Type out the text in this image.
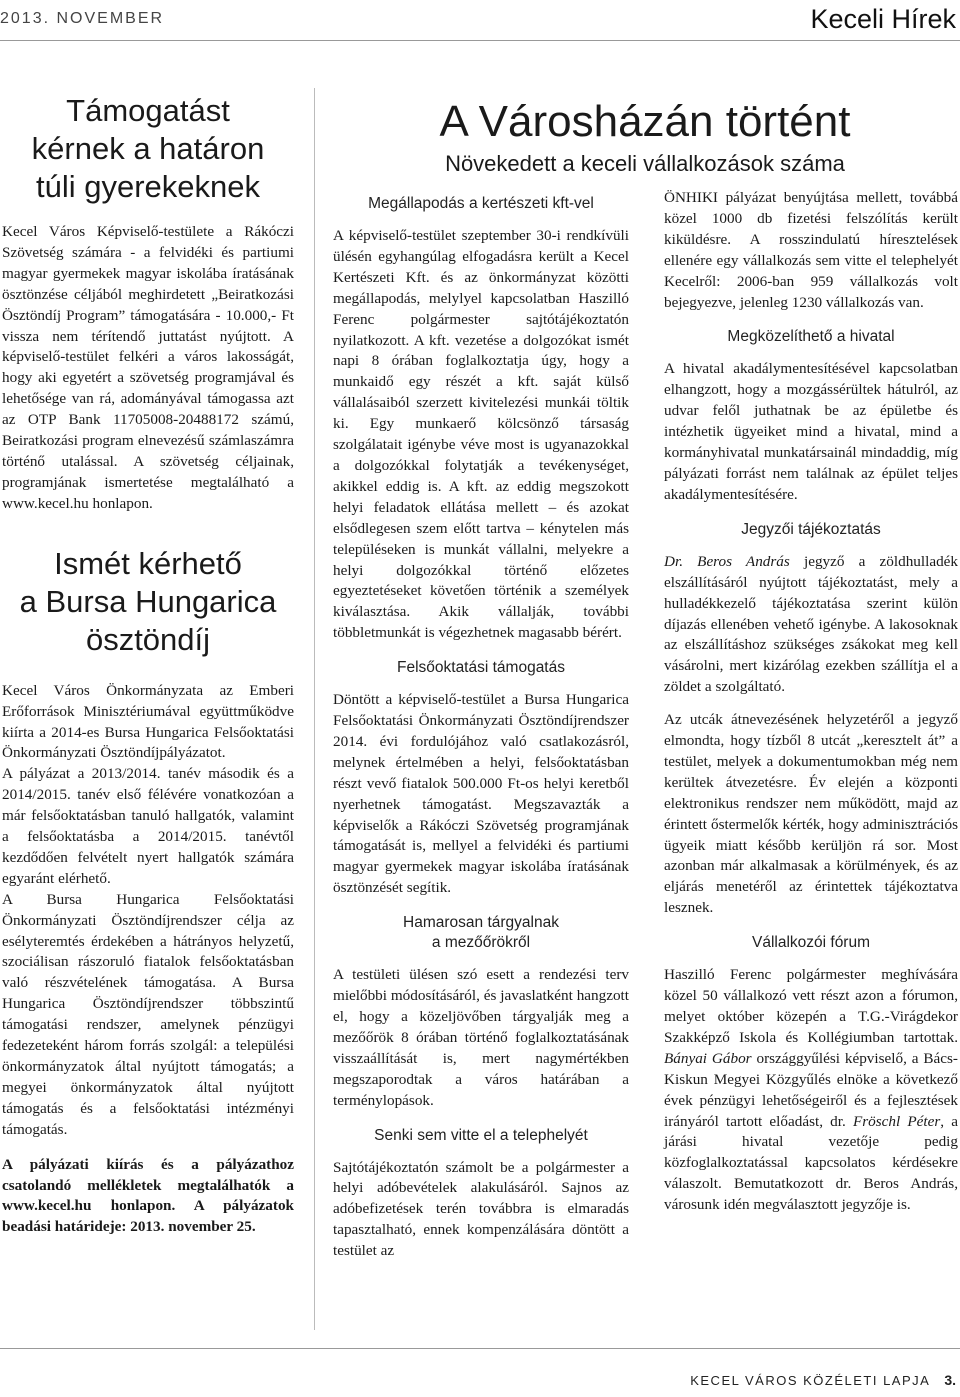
2013. NOVEMBER	Keceli Hírek
Támogatást
kérnek a határon
túli gyerekeknek

Kecel Város Képviselő-testülete a Rákóczi Szövetség számára - a felvidéki és partiumi magyar gyermekek magyar iskolába íratásának ösztönzése céljából meghirdetett „Beiratkozási Ösztöndíj Program” támogatására - 10.000,- Ft vissza nem térítendő juttatást nyújtott. A képviselő-testület felkéri a város lakosságát, hogy aki egyetért a szövetség programjával és lehetősége van rá, adományával támogassa azt az OTP Bank 11705008-20488172 számú, Beiratkozási program elnevezésű számlaszámra történő utalással. A szövetség céljainak, programjának ismertetése megtalálható a www.kecel.hu honlapon.

Ismét kérhető
a Bursa Hungarica
ösztöndíj

Kecel Város Önkormányzata az Emberi Erőforrások Minisztériumával együttműködve kiírta a 2014-es Bursa Hungarica Felsőoktatási Önkormányzati Ösztöndíjpályázatot.

A pályázat a 2013/2014. tanév második és a 2014/2015. tanév első félévére vonatkozóan a már felsőoktatásban tanuló hallgatók, valamint a felsőoktatásba a 2014/2015. tanévtől kezdődően felvételt nyert hallgatók számára egyaránt elérhető.

A Bursa Hungarica Felsőoktatási Önkormányzati Ösztöndíjrendszer célja az esélyteremtés érdekében a hátrányos helyzetű, szociálisan rászoruló fiatalok felsőoktatásban való részvételének támogatása. A Bursa Hungarica Ösztöndíjrendszer többszintű támogatási rendszer, amelynek pénzügyi fedezeteként három forrás szolgál: a települési önkormányzatok által nyújtott támogatás; a megyei önkormányzatok által nyújtott támogatás és a felsőoktatási intézményi támogatás.

A pályázati kiírás és a pályázathoz csatolandó mellékletek megtalálhatók a www.kecel.hu honlapon. A pályázatok beadási határideje: 2013. november 25.

A Városházán történt
Növekedett a keceli vállalkozások száma
Megállapodás a kertészeti kft-vel

A képviselő-testület szeptember 30-i rendkívüli ülésén egyhangúlag elfogadásra került a Kecel Kertészeti Kft. és az önkormányzat közötti megállapodás, melylyel kapcsolatban Haszilló Ferenc polgármester sajtótájékoztatón nyilatkozott. A kft. vezetése a dolgozókat ismét napi 8 órában foglalkoztatja úgy, hogy a munkaidő egy részét a kft. saját külső vállalásaiból szerzett kivitelezési munkái töltik ki. Egy munkaerő kölcsönző társaság szolgálatait igénybe véve most is ugyanazokkal a dolgozókkal folytatják a tevékenységet, akikkel eddig is. A kft. az eddig megszokott helyi feladatok ellátása mellett – és azokat elsődlegesen szem előtt tartva – kénytelen más településeken is munkát vállalni, melyekre a helyi dolgozókkal történő előzetes egyeztetéseket követően történik a személyek kiválasztása. Akik vállalják, további többletmunkát is végezhetnek magasabb bérért.

Felsőoktatási támogatás

Döntött a képviselő-testület a Bursa Hungarica Felsőoktatási Önkormányzati Ösztöndíjrendszer 2014. évi fordulójához való csatlakozásról, melynek értelmében a helyi, felsőoktatásban részt vevő fiatalok 500.000 Ft-os helyi keretből nyerhetnek támogatást. Megszavazták a képviselők a Rákóczi Szövetség programjának támogatását is, mellyel a felvidéki és partiumi magyar gyermekek magyar iskolába íratásának ösztönzését segítik.

Hamarosan tárgyalnak
a mezőőrökről

A testületi ülésen szó esett a rendezési terv mielőbbi módosításáról, és javaslatként hangzott el, hogy a közeljövőben tárgyalják meg a mezőőrök 8 órában történő foglalkoztatásának visszaállítását is, mert nagymértékben megszaporodtak a város határában a terménylopások.

Senki sem vitte el a telephelyét

Sajtótájékoztatón számolt be a polgármester a helyi adóbevételek alakulásáról. Sajnos az adóbefizetések terén továbbra is elmaradás tapasztalható, ennek kompenzálására döntött a testület az

ÖNHIKI pályázat benyújtása mellett, továbbá közel 1000 db fizetési felszólítás került kiküldésre. A rosszindulatú híresztelések ellenére egy vállalkozás sem vitte el telephelyét Kecelről: 2006-ban 959 vállalkozás volt bejegyezve, jelenleg 1230 vállalkozás van.

Megközelíthető a hivatal

A hivatal akadálymentesítésével kapcsolatban elhangzott, hogy a mozgássérültek hátulról, az udvar felől juthatnak be az épületbe és intézhetik ügyeiket mind a hivatal, mind a kormányhivatal munkatársainál mindaddig, míg pályázati forrást nem találnak az épület teljes akadálymentesítésére.

Jegyzői tájékoztatás

Dr. Beros András jegyző a zöldhulladék elszállításáról nyújtott tájékoztatást, mely a hulladékkezelő tájékoztatása szerint külön díjazás ellenében vehető igénybe. A lakosoknak az elszállításhoz szükséges zsákokat meg kell vásárolni, mert kizárólag ezekben szállítja el a zöldet a szolgáltató.

Az utcák átnevezésének helyzetéről a jegyző elmondta, hogy tízből 8 utcát „keresztelt át” a testület, melyek a dokumentumokban még nem kerültek átvezetésre. Év elején a központi elektronikus rendszer nem működött, majd az érintett őstermelők kérték, hogy adminisztrációs ügyeik miatt később kerüljön rá sor. Most azonban már alkalmasak a körülmények, és az eljárás menetéről az érintettek tájékoztatva lesznek.

Vállalkozói fórum

Haszilló Ferenc polgármester meghívására közel 50 vállalkozó vett részt azon a fórumon, melyet október közepén a T.G.-Virágdekor Szakképző Iskola és Kollégiumban tartottak. Bányai Gábor országgyűlési képviselő, a Bács-Kiskun Megyei Közgyűlés elnöke a következő évek pénzügyi lehetőségeiről és a fejlesztések irányáról tartott előadást, dr. Fröschl Péter, a járási hivatal vezetője pedig közfoglalkoztatással kapcsolatos kérdésekre válaszolt. Bemutatkozott dr. Beros András, városunk idén megválasztott jegyzője is.

KECEL VÁROS KÖZÉLETI LAPJA 3.
